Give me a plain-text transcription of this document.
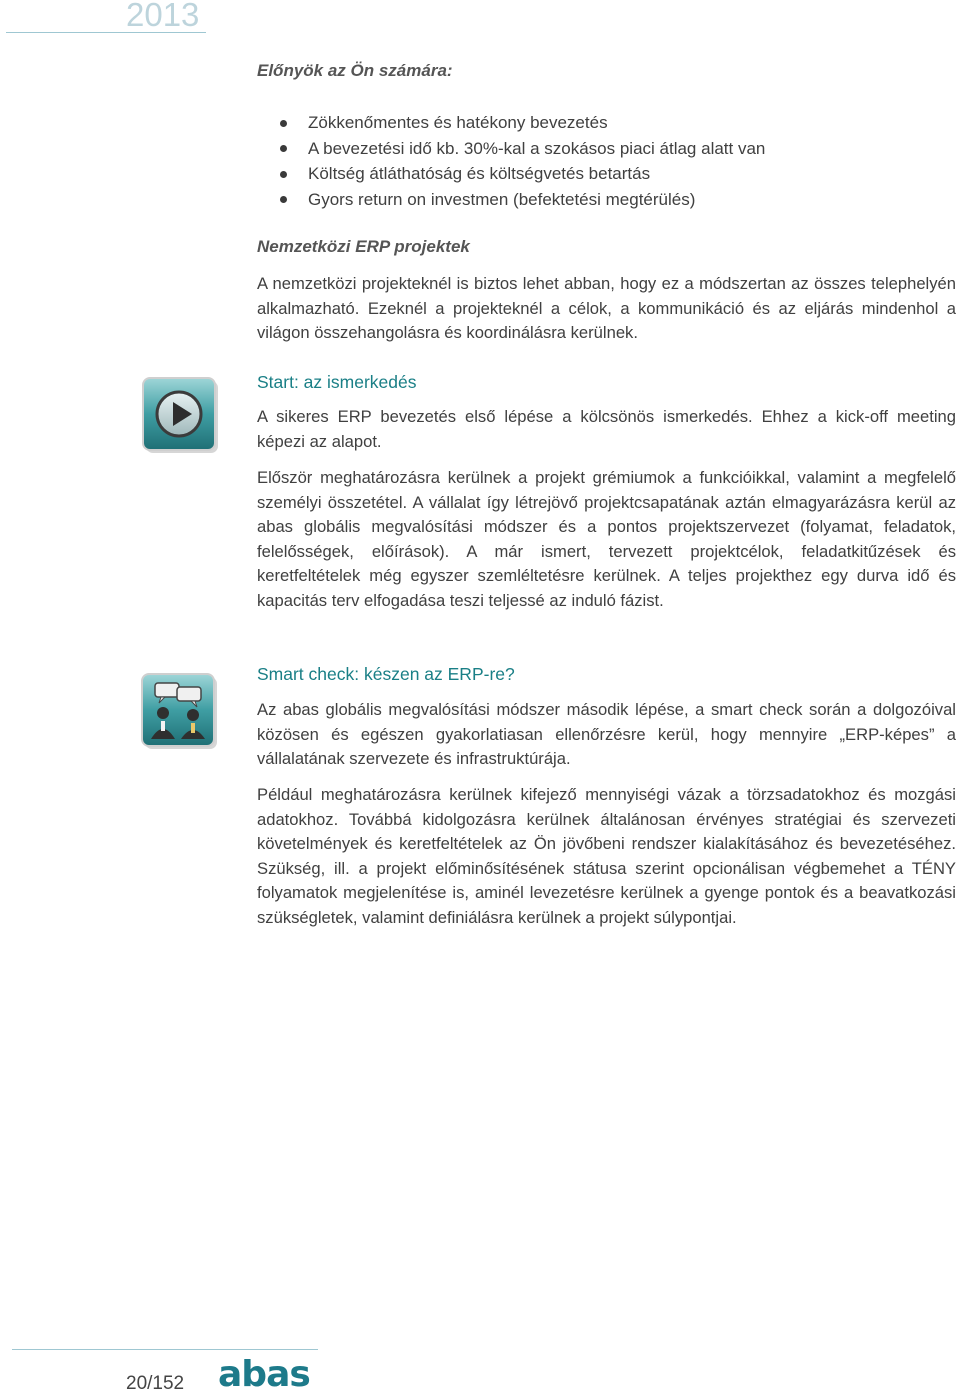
2013
Előnyök az Ön számára:
Zökkenőmentes és hatékony bevezetés
A bevezetési idő kb. 30%-kal a szokásos piaci átlag alatt van
Költség átláthatóság és költségvetés betartás
Gyors return on investmen (befektetési megtérülés)
Nemzetközi ERP projektek
A nemzetközi projekteknél is biztos lehet abban, hogy ez a módszertan az összes telephelyén alkalmazható. Ezeknél a projekteknél a célok, a kommunikáció és az eljárás mindenhol a világon összehangolásra és koordinálásra kerülnek.
Start: az ismerkedés
A sikeres ERP bevezetés első lépése a kölcsönös ismerkedés. Ehhez a kick-off meeting képezi az alapot.
Először meghatározásra kerülnek a projekt grémiumok a funkcióikkal, valamint a megfelelő személyi összetétel. A vállalat így létrejövő projektcsapatának aztán elmagyarázásra kerül az abas globális megvalósítási módszer és a pontos projektszervezet (folyamat, feladatok, felelősségek, előírások). A már ismert, tervezett projektcélok, feladatkitűzések és keretfeltételek még egyszer szemléltetésre kerülnek. A teljes projekthez egy durva idő és kapacitás terv elfogadása teszi teljessé az induló fázist.
Smart check: készen az ERP-re?
Az abas globális megvalósítási módszer második lépése, a smart check során a dolgozóival közösen és egészen gyakorlatiasan ellenőrzésre kerül, hogy mennyire „ERP-képes” a vállalatának szervezete és infrastruktúrája.
Például meghatározásra kerülnek kifejező mennyiségi vázak a törzsadatokhoz és mozgási adatokhoz. Továbbá kidolgozásra kerülnek általánosan érvényes stratégiai és szervezeti követelmények és keretfeltételek az Ön jövőbeni rendszer kialakításához és bevezetéséhez. Szükség, ill. a projekt előminősítésének státusa szerint opcionálisan végbemehet a TÉNY folyamatok megjelenítése is, aminél levezetésre kerülnek a gyenge pontok és a beavatkozási szükségletek, valamint definiálásra kerülnek a projekt súlypontjai.
20/152 abas
